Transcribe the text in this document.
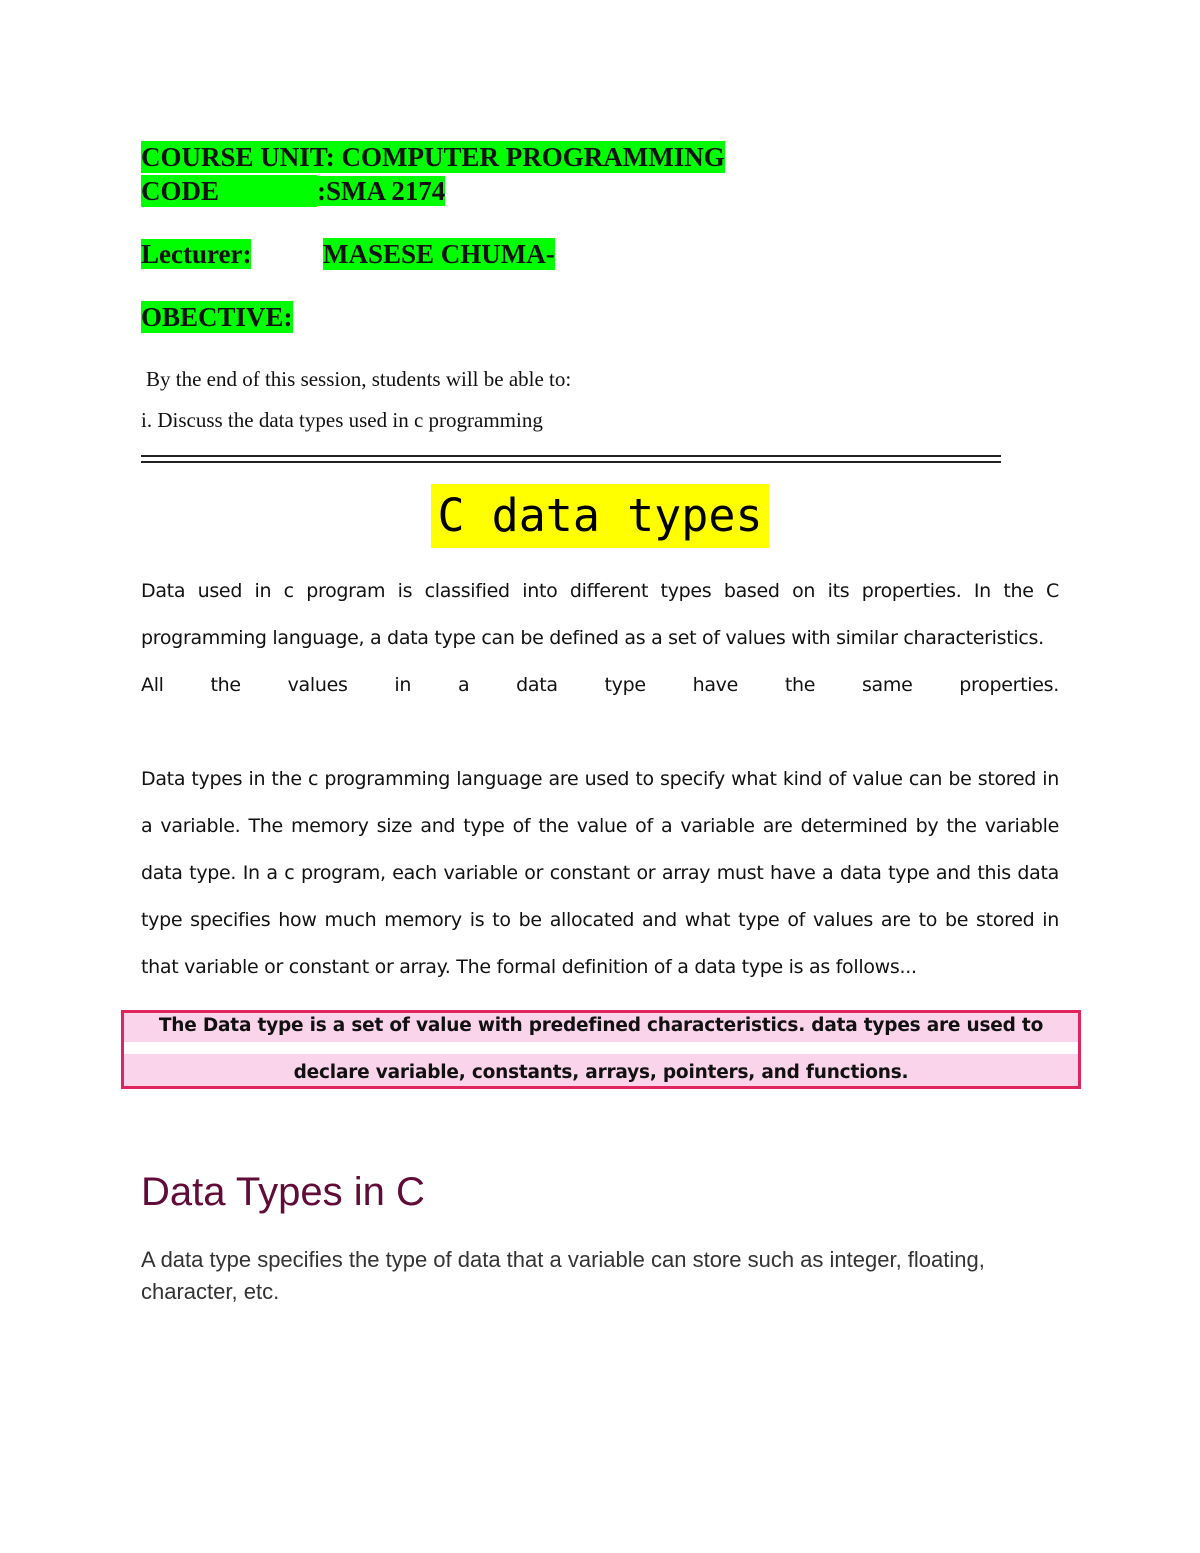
COURSE UNIT: COMPUTER PROGRAMMING
CODE	:SMA 2174
Lecturer:	MASESE CHUMA-
OBECTIVE:
By the end of this session, students will be able to:
i. Discuss the data types used in c programming
C data types
Data used in c program is classified into different types based on its properties. In the C programming language, a data type can be defined as a set of values with similar characteristics.
All the values in a data type have the same properties.
Data types in the c programming language are used to specify what kind of value can be stored in a variable. The memory size and type of the value of a variable are determined by the variable data type. In a c program, each variable or constant or array must have a data type and this data type specifies how much memory is to be allocated and what type of values are to be stored in that variable or constant or array. The formal definition of a data type is as follows...
The Data type is a set of value with predefined characteristics. data types are used to
declare variable, constants, arrays, pointers, and functions.
Data Types in C
A data type specifies the type of data that a variable can store such as integer, floating, character, etc.
